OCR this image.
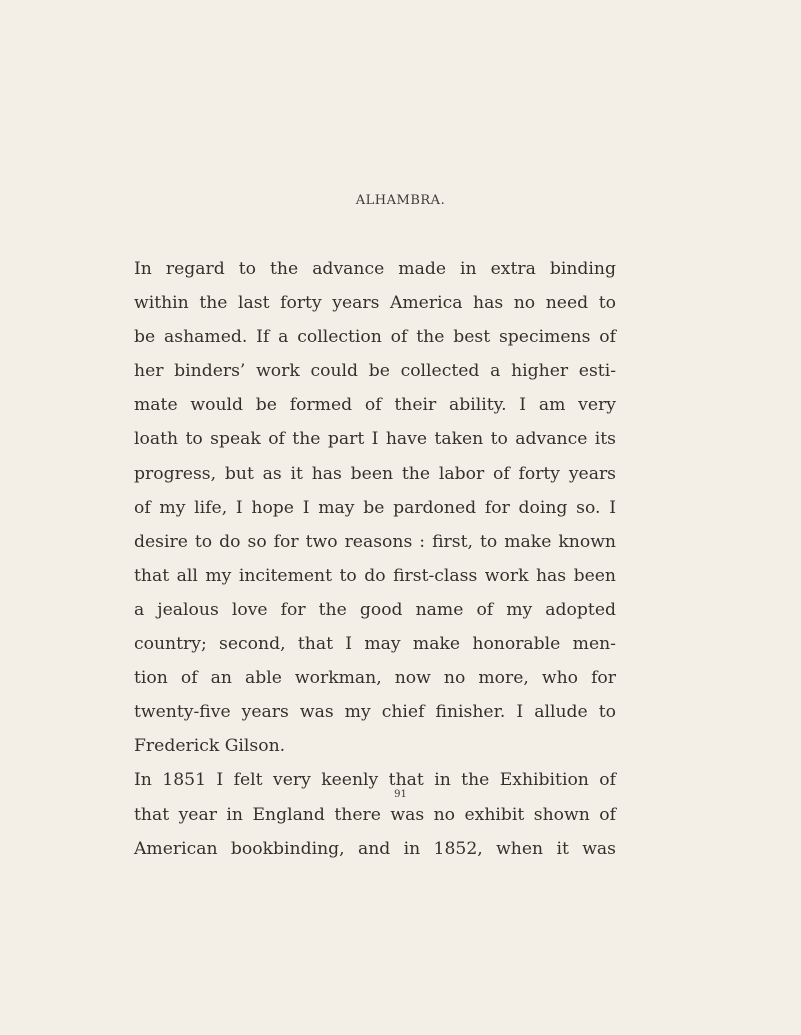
ALHAMBRA.
In regard to the advance made in extra binding
within the last forty years America has no need to
be ashamed. If a collection of the best specimens of
her binders’ work could be collected a higher esti-
mate would be formed of their ability. I am very
loath to speak of the part I have taken to advance its
progress, but as it has been the labor of forty years
of my life, I hope I may be pardoned for doing so. I
desire to do so for two reasons : first, to make known
that all my incitement to do first-class work has been
a jealous love for the good name of my adopted
country; second, that I may make honorable men-
tion of an able workman, now no more, who for
twenty-five years was my chief finisher. I allude to
Frederick Gilson.
In 1851 I felt very keenly that in the Exhibition of
that year in England there was no exhibit shown of
American bookbinding, and in 1852, when it was
91
